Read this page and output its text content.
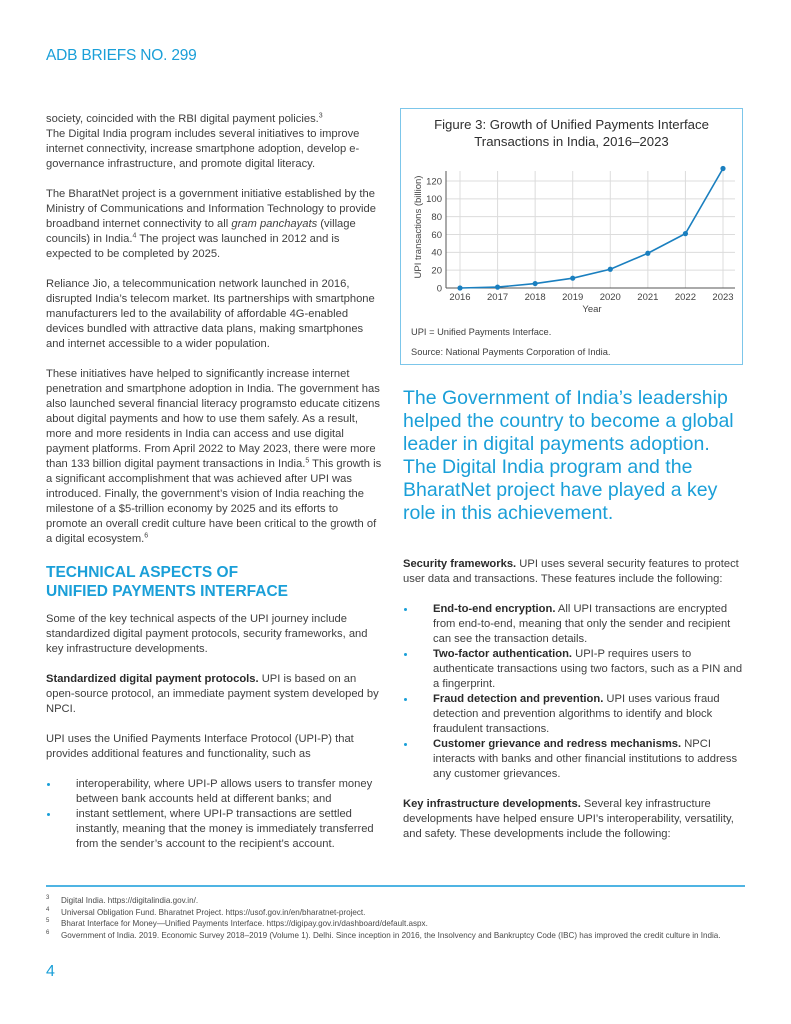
ADB BRIEFS NO. 299

society, coincided with the RBI digital payment policies.$^3$
The Digital India program includes several initiatives to improve internet connectivity, increase smartphone adoption, develop e-governance infrastructure, and promote digital literacy.

The BharatNet project is a government initiative established by the Ministry of Communications and Information Technology to provide broadband internet connectivity to all gram panchayats (village councils) in India.$^4$ The project was launched in 2012 and is expected to be completed by 2025.

Reliance Jio, a telecommunication network launched in 2016, disrupted India’s telecom market. Its partnerships with smartphone manufacturers led to the availability of affordable 4G-enabled devices bundled with attractive data plans, making smartphones and internet accessible to a wider population.

These initiatives have helped to significantly increase internet penetration and smartphone adoption in India. The government has also launched several financial literacy programsto educate citizens about digital payments and how to use them safely. As a result, more and more residents in India can access and use digital payment platforms. From April 2022 to May 2023, there were more than 133 billion digital payment transactions in India.$^5$ This growth is a significant accomplishment that was achieved after UPI was introduced. Finally, the government’s vision of India reaching the milestone of a $5-trillion economy by 2025 and its efforts to promote an overall credit culture have been critical to the growth of a digital ecosystem.$^6$

TECHNICAL ASPECTS OF
UNIFIED PAYMENTS INTERFACE

Some of the key technical aspects of the UPI journey include standardized digital payment protocols, security frameworks, and key infrastructure developments.

Standardized digital payment protocols. UPI is based on an open-source protocol, an immediate payment system developed by NPCI.

UPI uses the Unified Payments Interface Protocol (UPI-P) that provides additional features and functionality, such as

interoperability, where UPI-P allows users to transfer money between bank accounts held at different banks; and
instant settlement, where UPI-P transactions are settled instantly, meaning that the money is immediately transferred from the sender’s account to the recipient’s account.
Figure 3: Growth of Unified Payments Interface
Transactions in India, 2016–2023
0
20
40
60
80
100
120
2016 2017 2018 2019 2020 2021 2022 2023
UPI transactions (billion)
Year
UPI = Unified Payments Interface.
Source: National Payments Corporation of India.
The Government of India’s leadership helped the country to become a global leader in digital payments adoption. The Digital India program and the BharatNet project have played a key role in this achievement.

Security frameworks. UPI uses several security features to protect user data and transactions. These features include the following:

End-to-end encryption. All UPI transactions are encrypted from end-to-end, meaning that only the sender and recipient can see the transaction details.
Two-factor authentication. UPI-P requires users to authenticate transactions using two factors, such as a PIN and a fingerprint.
Fraud detection and prevention. UPI uses various fraud detection and prevention algorithms to identify and block fraudulent transactions.
Customer grievance and redress mechanisms. NPCI interacts with banks and other financial institutions to address any customer grievances.

Key infrastructure developments. Several key infrastructure developments have helped ensure UPI’s interoperability, versatility, and safety. These developments include the following:

3 Digital India. https://digitalindia.gov.in/.
4 Universal Obligation Fund. Bharatnet Project. https://usof.gov.in/en/bharatnet-project.
5 Bharat Interface for Money—Unified Payments Interface. https://digipay.gov.in/dashboard/default.aspx.
6 Government of India. 2019. Economic Survey 2018–2019 (Volume 1). Delhi. Since inception in 2016, the Insolvency and Bankruptcy Code (IBC) has improved the credit culture in India.
4
